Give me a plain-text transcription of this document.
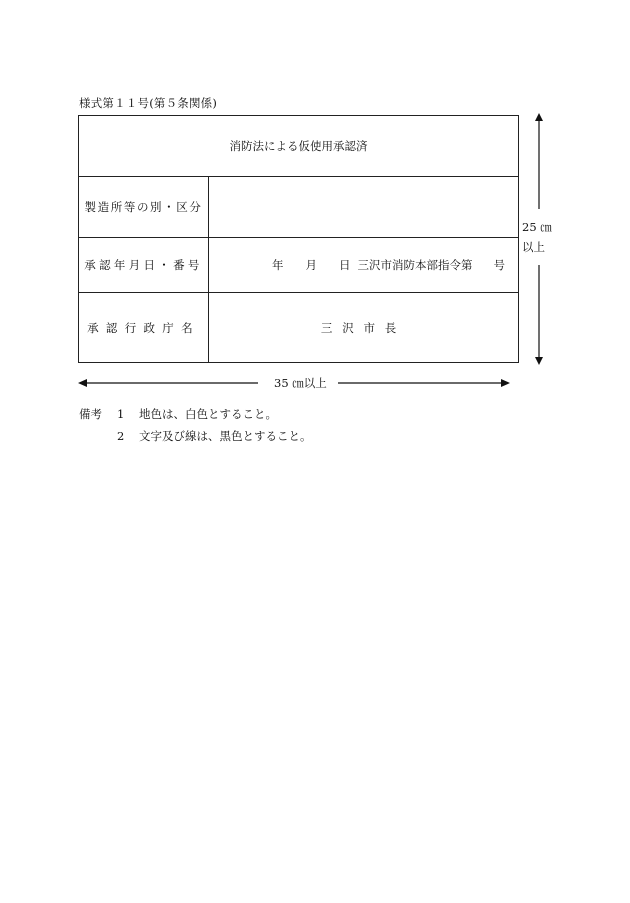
様式第１１号(第５条関係)
消防法による仮使用承認済
製造所等の別・区分
承認年月日・番号	年 月 日 三沢市消防本部指令第 号
承認行政庁名	三沢市長
25 ㎝
以上
35 ㎝以上
備考	1	地色は、白色とすること。
2	文字及び線は、黒色とすること。
